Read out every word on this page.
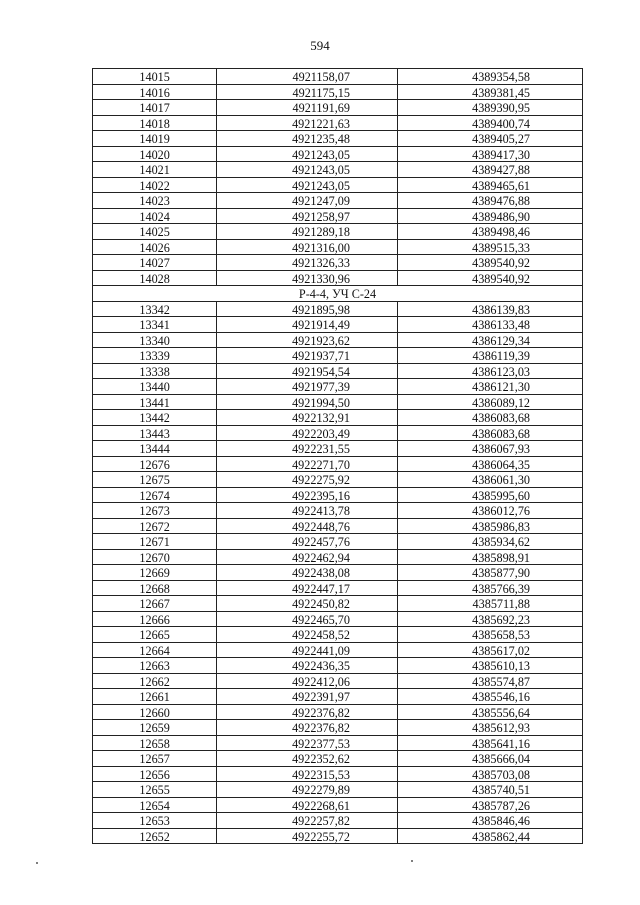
594
14015	4921158,07	4389354,58
14016	4921175,15	4389381,45
14017	4921191,69	4389390,95
14018	4921221,63	4389400,74
14019	4921235,48	4389405,27
14020	4921243,05	4389417,30
14021	4921243,05	4389427,88
14022	4921243,05	4389465,61
14023	4921247,09	4389476,88
14024	4921258,97	4389486,90
14025	4921289,18	4389498,46
14026	4921316,00	4389515,33
14027	4921326,33	4389540,92
14028	4921330,96	4389540,92
Р-4-4, УЧ С-24		
13342	4921895,98	4386139,83
13341	4921914,49	4386133,48
13340	4921923,62	4386129,34
13339	4921937,71	4386119,39
13338	4921954,54	4386123,03
13440	4921977,39	4386121,30
13441	4921994,50	4386089,12
13442	4922132,91	4386083,68
13443	4922203,49	4386083,68
13444	4922231,55	4386067,93
12676	4922271,70	4386064,35
12675	4922275,92	4386061,30
12674	4922395,16	4385995,60
12673	4922413,78	4386012,76
12672	4922448,76	4385986,83
12671	4922457,76	4385934,62
12670	4922462,94	4385898,91
12669	4922438,08	4385877,90
12668	4922447,17	4385766,39
12667	4922450,82	4385711,88
12666	4922465,70	4385692,23
12665	4922458,52	4385658,53
12664	4922441,09	4385617,02
12663	4922436,35	4385610,13
12662	4922412,06	4385574,87
12661	4922391,97	4385546,16
12660	4922376,82	4385556,64
12659	4922376,82	4385612,93
12658	4922377,53	4385641,16
12657	4922352,62	4385666,04
12656	4922315,53	4385703,08
12655	4922279,89	4385740,51
12654	4922268,61	4385787,26
12653	4922257,82	4385846,46
12652	4922255,72	4385862,44
